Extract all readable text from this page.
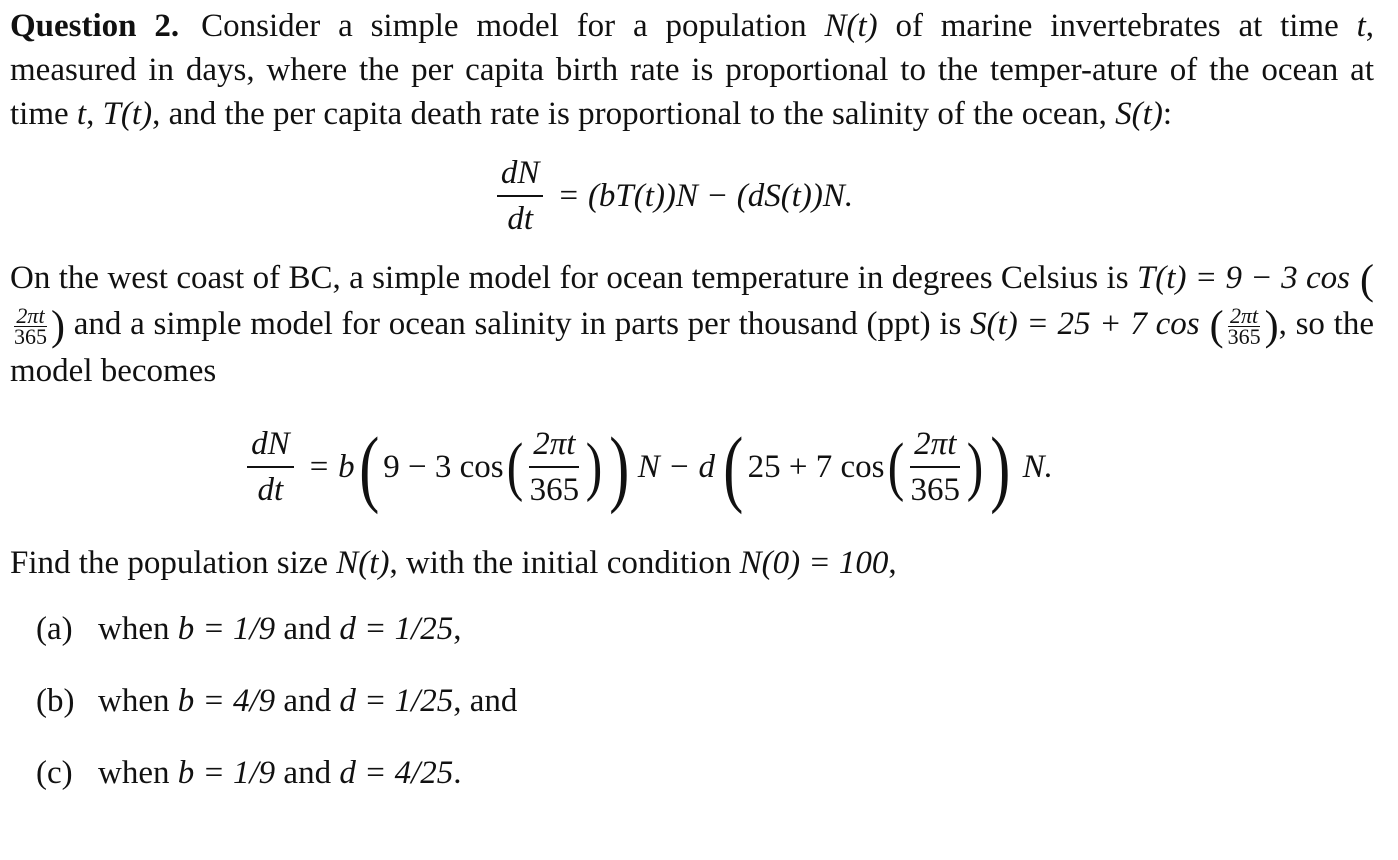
Question 2. Consider a simple model for a population N(t) of marine invertebrates at time t, measured in days, where the per capita birth rate is proportional to the temper-ature of the ocean at time t, T(t), and the per capita death rate is proportional to the salinity of the ocean, S(t):

$\frac{dN}{dt} = (bT(t))N - (dS(t))N$.

On the west coast of BC, a simple model for ocean temperature in degrees Celsius is T(t) = 9 − 3 cos (
$\frac{2\pi t}{365}$ ) and a simple model for ocean salinity in parts per thousand (ppt) is S(t) = 25 + 7 cos ( $\frac{2\pi t}{365}$ ), so the model becomes

$\frac{dN}{dt} = b$ ( 9 − 3 cos ( $\frac{2\pi t}{365}$ ) ) N − d ( 25 + 7 cos ( $\frac{2\pi t}{365}$ ) ) N.

Find the population size N(t), with the initial condition N(0) = 100,

(a) when b = 1/9 and d = 1/25,
(b) when b = 4/9 and d = 1/25, and
(c) when b = 1/9 and d = 4/25.
